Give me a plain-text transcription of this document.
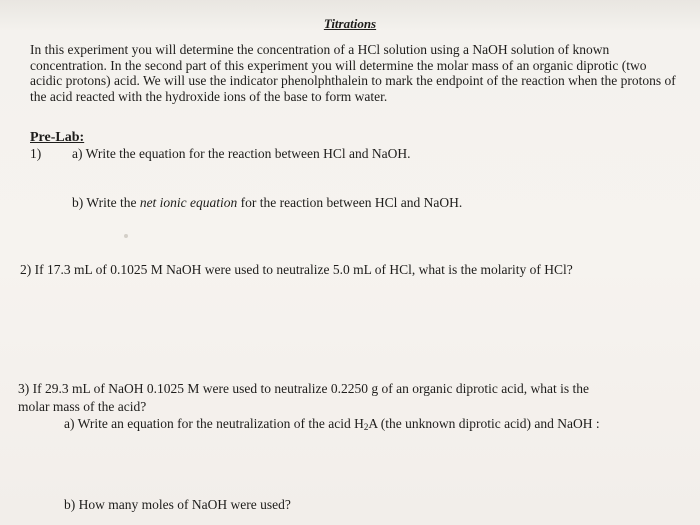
Titrations
In this experiment you will determine the concentration of a HCl solution using a NaOH solution of known concentration. In the second part of this experiment you will determine the molar mass of an organic diprotic (two acidic protons) acid. We will use the indicator phenolphthalein to mark the endpoint of the reaction when the protons of the acid reacted with the hydroxide ions of the base to form water.
Pre-Lab:
1) a) Write the equation for the reaction between HCl and NaOH.
b) Write the net ionic equation for the reaction between HCl and NaOH.
2) If 17.3 mL of 0.1025 M NaOH were used to neutralize 5.0 mL of HCl, what is the molarity of HCl?
3) If 29.3 mL of NaOH 0.1025 M were used to neutralize 0.2250 g of an organic diprotic acid, what is the
molar mass of the acid?
a) Write an equation for the neutralization of the acid $H_2A$ (the unknown diprotic acid) and NaOH :
b) How many moles of NaOH were used?
